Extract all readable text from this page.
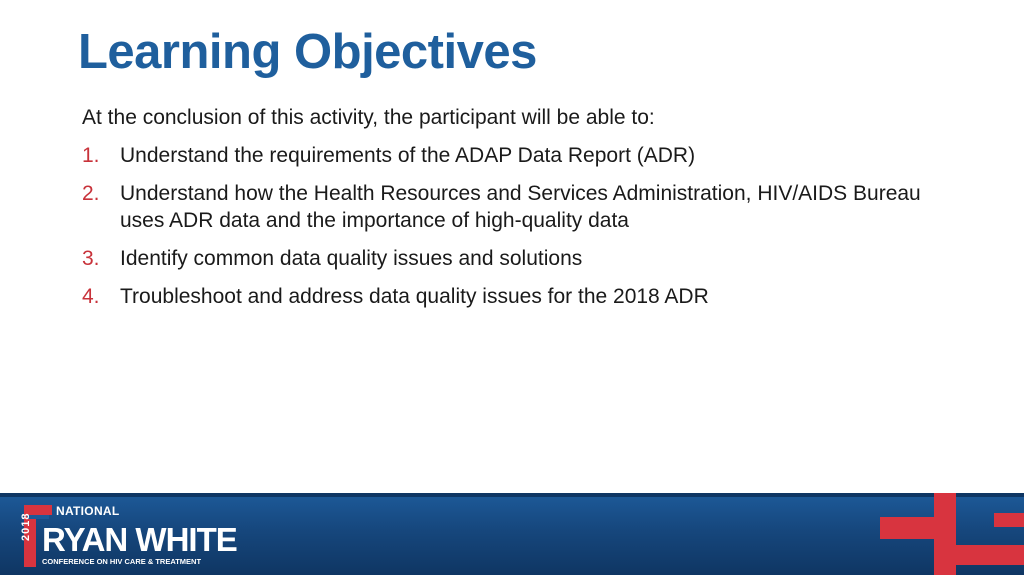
Learning Objectives
At the conclusion of this activity, the participant will be able to:
1. Understand the requirements of the ADAP Data Report (ADR)
2. Understand how the Health Resources and Services Administration, HIV/AIDS Bureau uses ADR data and the importance of high-quality data
3. Identify common data quality issues and solutions
4. Troubleshoot and address data quality issues for the 2018 ADR
2018
NATIONAL
RYAN WHITE
CONFERENCE ON HIV CARE & TREATMENT
